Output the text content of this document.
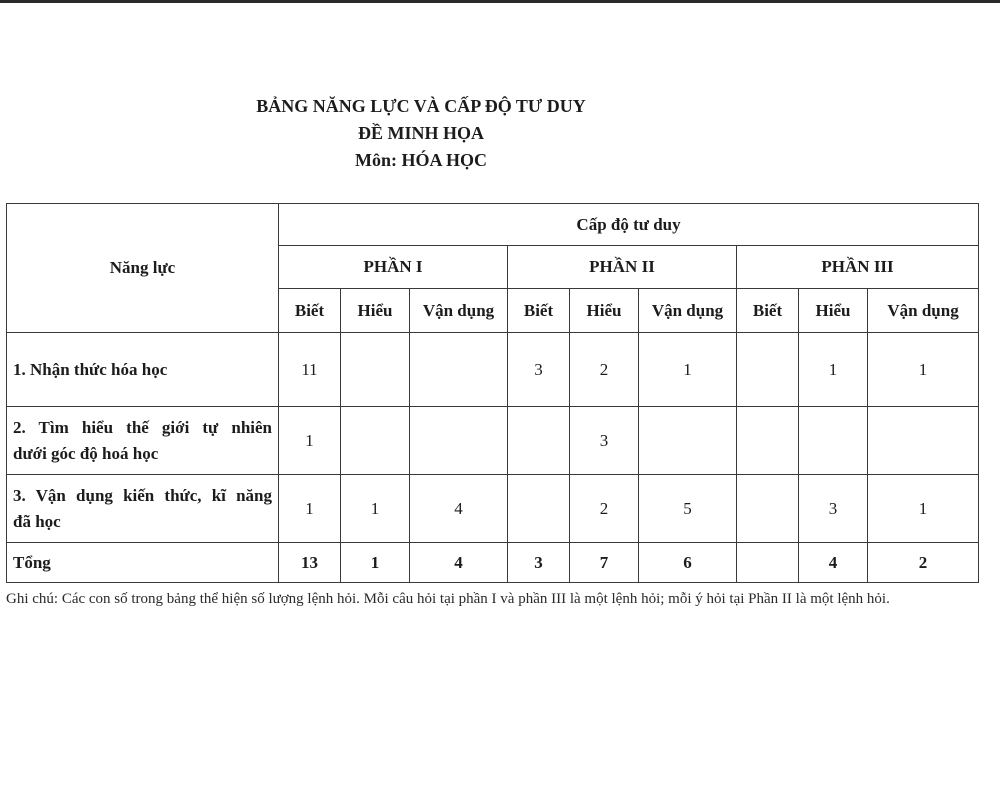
BẢNG NĂNG LỰC VÀ CẤP ĐỘ TƯ DUY
ĐỀ MINH HỌA
Môn: HÓA HỌC
Năng lực	Cấp độ tư duy								
	PHẦN I			PHẦN II			PHẦN III		
	Biết	Hiểu	Vận dụng	Biết	Hiểu	Vận dụng	Biết	Hiểu	Vận dụng
1. Nhận thức hóa học	11			3	2	1		1	1
2. Tìm hiểu thế giới tự nhiên
dưới góc độ hoá học	1				3				
3. Vận dụng kiến thức, kĩ năng
đã học	1	1	4		2	5		3	1
Tổng	13	1	4	3	7	6		4	2
Ghi chú: Các con số trong bảng thể hiện số lượng lệnh hỏi. Mỗi câu hỏi tại phần I và phần III là một lệnh hỏi; mỗi ý hỏi tại Phần II là một lệnh hỏi.
